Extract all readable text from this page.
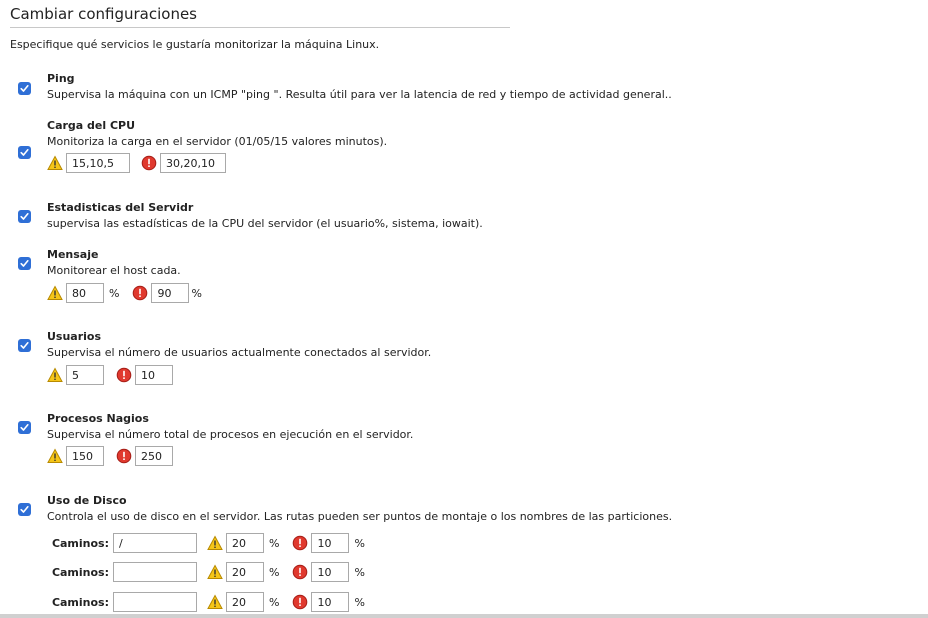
Cambiar configuraciones
Especifique qué servicios le gustaría monitorizar la máquina Linux.
Ping
Supervisa la máquina con un ICMP "ping ". Resulta útil para ver la latencia de red y tiempo de actividad general..
Carga del CPU
Monitoriza la carga en el servidor (01/05/15 valores minutos).
15,10,5
30,20,10
Estadisticas del Servidr
supervisa las estadísticas de la CPU del servidor (el usuario%, sistema, iowait).
Mensaje
Monitorear el host cada.
80
%
90	%
Usuarios
Supervisa el número de usuarios actualmente conectados al servidor.
5
10
Procesos Nagios
Supervisa el número total de procesos en ejecución en el servidor.
150
250
Uso de Disco
Controla el uso de disco en el servidor. Las rutas pueden ser puntos de montaje o los nombres de las particiones.
Caminos:
/
20	%
10	%
Caminos:
20	%
10	%
Caminos:
20	%
10	%
